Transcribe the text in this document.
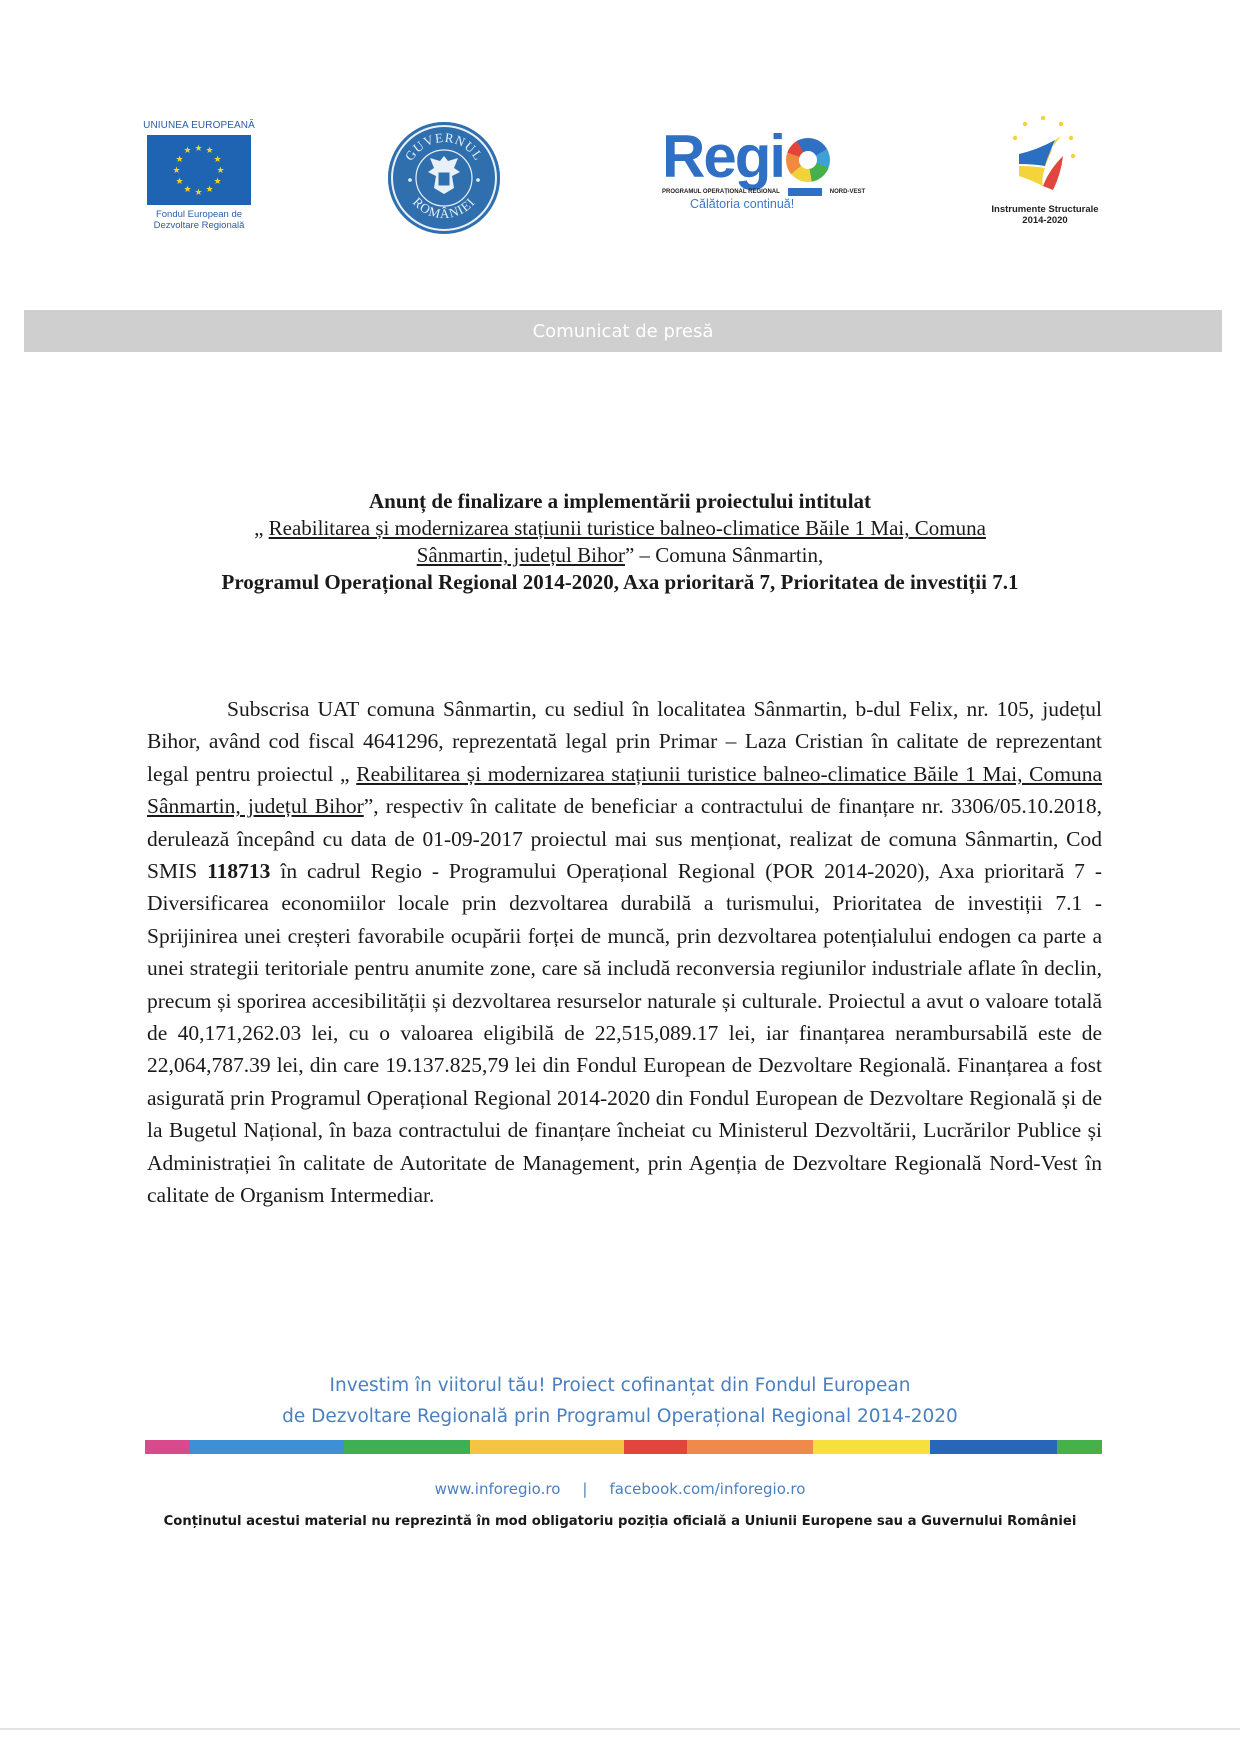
UNIUNEA EUROPEANĂ
★ ★
★
★
★
★
★
★
★
★
★
★
Fondul European de
Dezvoltare Regională
GUVERNUL
ROMÂNIEI
Regi
PROGRAMUL OPERAȚIONAL REGIONAL	NORD-VEST
Călătoria continuă!	Instrumente Structurale
2014-2020
Comunicat de presă
Anunț de finalizare a implementării proiectului intitulat
„ Reabilitarea și modernizarea stațiunii turistice balneo-climatice Băile 1 Mai, Comuna
Sânmartin, județul Bihor” – Comuna Sânmartin,
Programul Operațional Regional 2014-2020, Axa prioritară 7, Prioritatea de investiții 7.1
Subscrisa UAT comuna Sânmartin, cu sediul în localitatea Sânmartin, b-dul Felix, nr. 105, județul Bihor, având cod fiscal 4641296, reprezentată legal prin Primar – Laza Cristian în calitate de reprezentant legal pentru proiectul „ Reabilitarea și modernizarea stațiunii turistice balneo-climatice Băile 1 Mai, Comuna Sânmartin, județul Bihor”, respectiv în calitate de beneficiar a contractului de finanțare nr. 3306/05.10.2018, derulează începând cu data de 01-09-2017 proiectul mai sus menționat, realizat de comuna Sânmartin, Cod SMIS 118713 în cadrul Regio - Programului Operațional Regional (POR 2014-2020), Axa prioritară 7 - Diversificarea economiilor locale prin dezvoltarea durabilă a turismului, Prioritatea de investiții 7.1 - Sprijinirea unei creșteri favorabile ocupării forței de muncă, prin dezvoltarea potențialului endogen ca parte a unei strategii teritoriale pentru anumite zone, care să includă reconversia regiunilor industriale aflate în declin, precum și sporirea accesibilității și dezvoltarea resurselor naturale și culturale. Proiectul a avut o valoare totală de 40,171,262.03 lei, cu o valoarea eligibilă de 22,515,089.17 lei, iar finanțarea nerambursabilă este de 22,064,787.39 lei, din care 19.137.825,79 lei din Fondul European de Dezvoltare Regională. Finanțarea a fost asigurată prin Programul Operațional Regional 2014-2020 din Fondul European de Dezvoltare Regională și de la Bugetul Național, în baza contractului de finanțare încheiat cu Ministerul Dezvoltării, Lucrărilor Publice și Administrației în calitate de Autoritate de Management, prin Agenția de Dezvoltare Regională Nord-Vest în calitate de Organism Intermediar.
Investim în viitorul tău! Proiect cofinanțat din Fondul European
de Dezvoltare Regională prin Programul Operațional Regional 2014-2020
www.inforegio.ro | facebook.com/inforegio.ro
Conținutul acestui material nu reprezintă în mod obligatoriu poziția oficială a Uniunii Europene sau a Guvernului României
